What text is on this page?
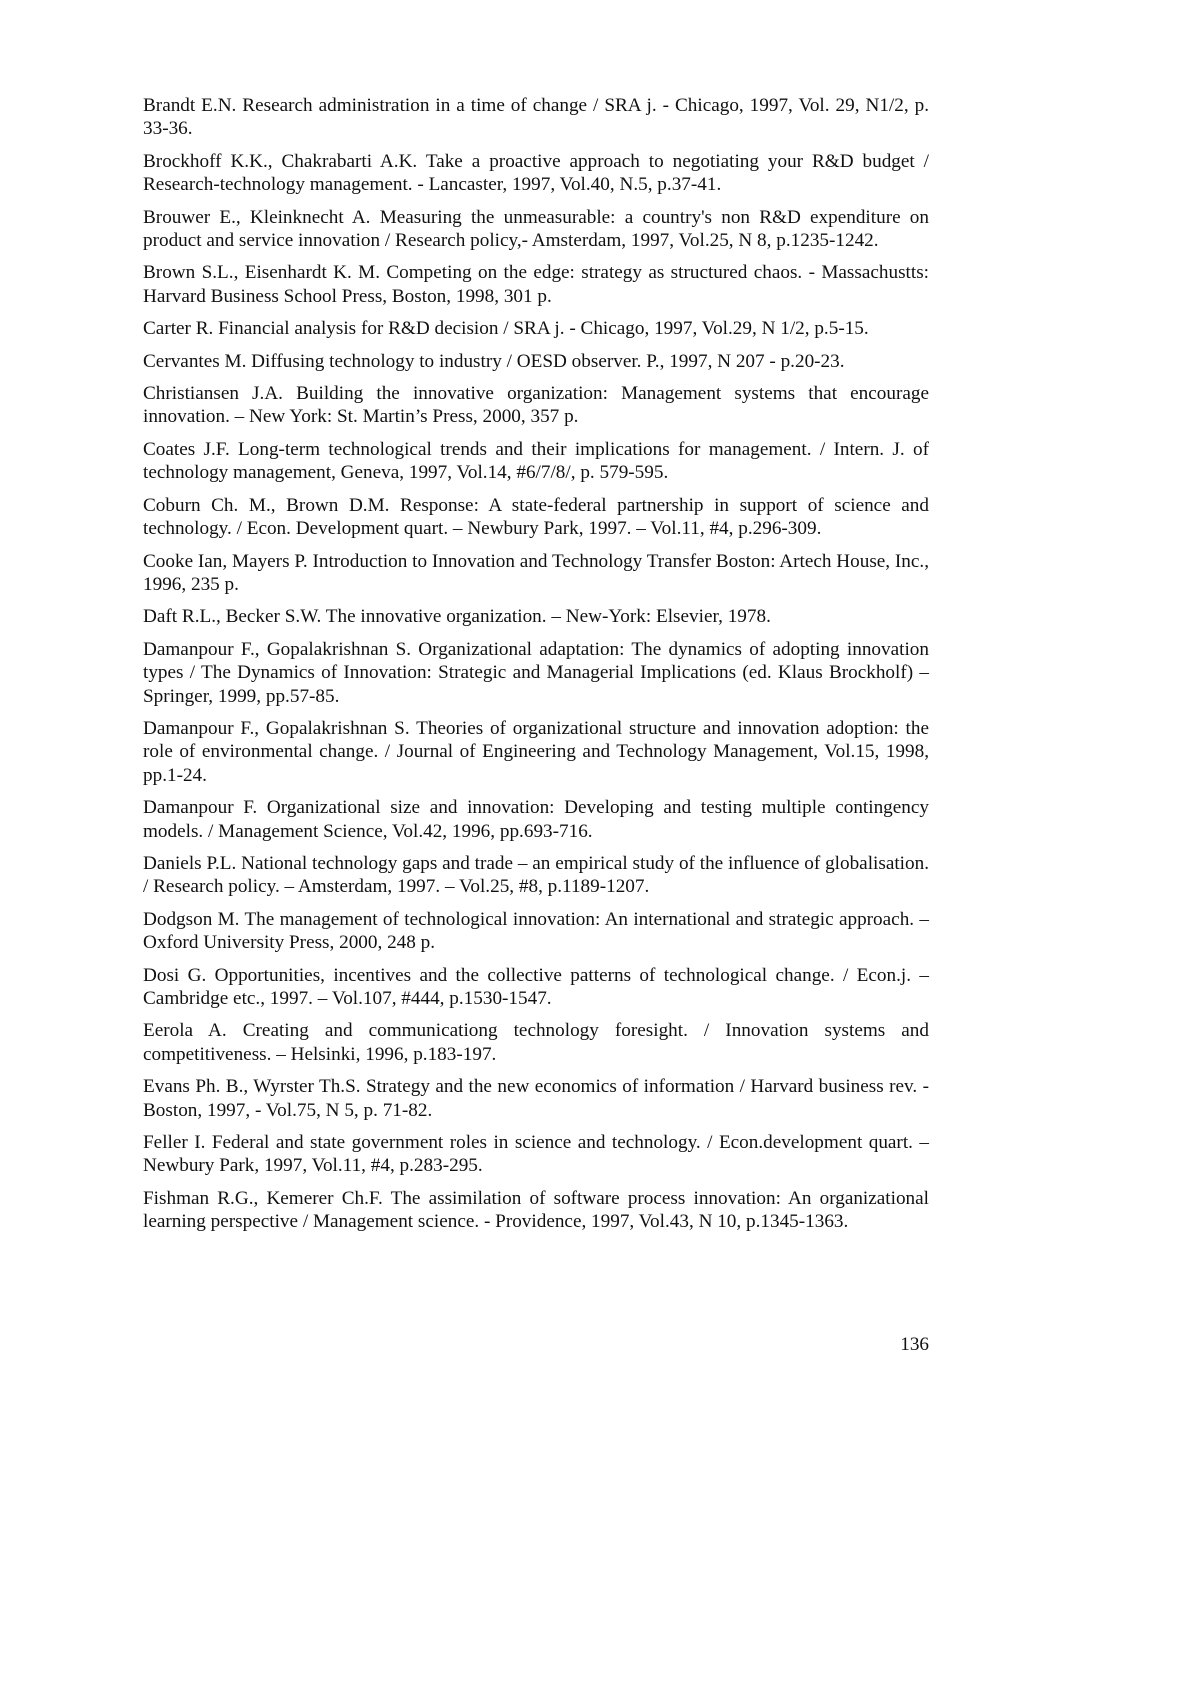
Brandt E.N. Research administration in a time of change / SRA j. - Chicago, 1997, Vol. 29, N1/2, p. 33-36.

Brockhoff K.K., Chakrabarti A.K. Take a proactive approach to negotiating your R&D budget / Research-technology management. - Lancaster, 1997, Vol.40, N.5, p.37-41.

Brouwer E., Kleinknecht A. Measuring the unmeasurable: a country's non R&D expenditure on product and service innovation / Research policy,- Amsterdam, 1997, Vol.25, N 8, p.1235-1242.

Brown S.L., Eisenhardt K. M. Competing on the edge: strategy as structured chaos. - Massachustts: Harvard Business School Press, Boston, 1998, 301 p.

Carter R. Financial analysis for R&D decision / SRA j. - Chicago, 1997, Vol.29, N 1/2, p.5-15.

Cervantes M. Diffusing technology to industry / OESD observer. P., 1997, N 207 - p.20-23.

Christiansen J.A. Building the innovative organization: Management systems that encourage innovation. – New York: St. Martin’s Press, 2000, 357 p.

Coates J.F. Long-term technological trends and their implications for management. / Intern. J. of technology management, Geneva, 1997, Vol.14, #6/7/8/, p. 579-595.

Coburn Ch. M., Brown D.M. Response: A state-federal partnership in support of science and technology. / Econ. Development quart. – Newbury Park, 1997. – Vol.11, #4, p.296-309.

Cooke Ian, Mayers P. Introduction to Innovation and Technology Transfer Boston: Artech House, Inc., 1996, 235 p.

Daft R.L., Becker S.W. The innovative organization. – New-York: Elsevier, 1978.

Damanpour F., Gopalakrishnan S. Organizational adaptation: The dynamics of adopting innovation types / The Dynamics of Innovation: Strategic and Managerial Implications (ed. Klaus Brockholf) – Springer, 1999, pp.57-85.

Damanpour F., Gopalakrishnan S. Theories of organizational structure and innovation adoption: the role of environmental change. / Journal of Engineering and Technology Management, Vol.15, 1998, pp.1-24.

Damanpour F. Organizational size and innovation: Developing and testing multiple contingency models. / Management Science, Vol.42, 1996, pp.693-716.

Daniels P.L. National technology gaps and trade – an empirical study of the influence of globalisation. / Research policy. – Amsterdam, 1997. – Vol.25, #8, p.1189-1207.

Dodgson M. The management of technological innovation: An international and strategic approach. – Oxford University Press, 2000, 248 p.

Dosi G. Opportunities, incentives and the collective patterns of technological change. / Econ.j. – Cambridge etc., 1997. – Vol.107, #444, p.1530-1547.

Eerola A. Creating and communicationg technology foresight. / Innovation systems and competitiveness. – Helsinki, 1996, p.183-197.

Evans Ph. B., Wyrster Th.S. Strategy and the new economics of information / Harvard business rev. - Boston, 1997, - Vol.75, N 5, p. 71-82.

Feller I. Federal and state government roles in science and technology. / Econ.development quart. – Newbury Park, 1997, Vol.11, #4, p.283-295.

Fishman R.G., Kemerer Ch.F. The assimilation of software process innovation: An organizational learning perspective / Management science. - Providence, 1997, Vol.43, N 10, p.1345-1363.

136
